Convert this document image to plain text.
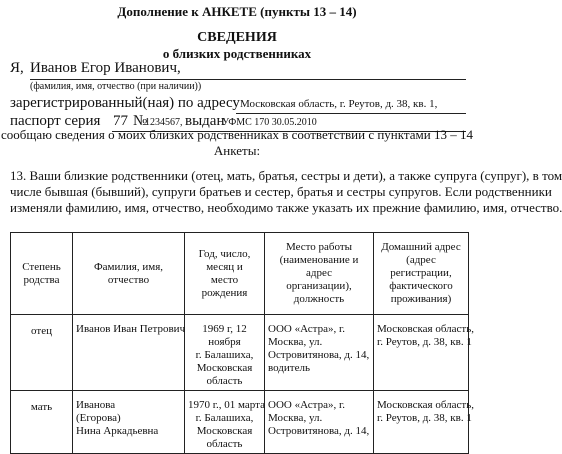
Дополнение к АНКЕТЕ (пункты 13 – 14)
СВЕДЕНИЯ
о близких родственниках
Я, Иванов Егор Иванович,
(фамилия, имя, отчество (при наличии))
зарегистрированный(ная) по адресу Московская область, г. Реутов, д. 38, кв. 1,
паспорт серия 77 №
1234567, выдан
УФМС 170 30.05.2010
сообщаю сведения о моих близких родственниках в соответствии с пунктами 13 – 14
Анкеты:
13. Ваши близкие родственники (отец, мать, братья, сестры и дети), а также супруга (супруг), в том
числе бывшая (бывший), супруги братьев и сестер, братья и сестры супругов. Если родственники
изменяли фамилию, имя, отчество, необходимо также указать их прежние фамилию, имя, отчество.
Степень
родства	Фамилия, имя,
отчество	Год, число,
месяц и
место
рождения	Место работы
(наименование и
адрес
организации),
должность	Домашний адрес
(адрес
регистрации,
фактического
проживания)

отец	Иванов Иван Петрович	1969 г, 12
ноября
г. Балашиха,
Московская
область	ООО «Астра», г.
Москва, ул.
Островитянова, д. 14,
водитель	Московская область,
г. Реутов, д. 38, кв. 1

мать	Иванова
(Егорова)
Нина Аркадьевна	1970 г., 01 марта
г. Балашиха,
Московская
область	ООО «Астра», г.
Москва, ул.
Островитянова, д. 14,	Московская область,
г. Реутов, д. 38, кв. 1
